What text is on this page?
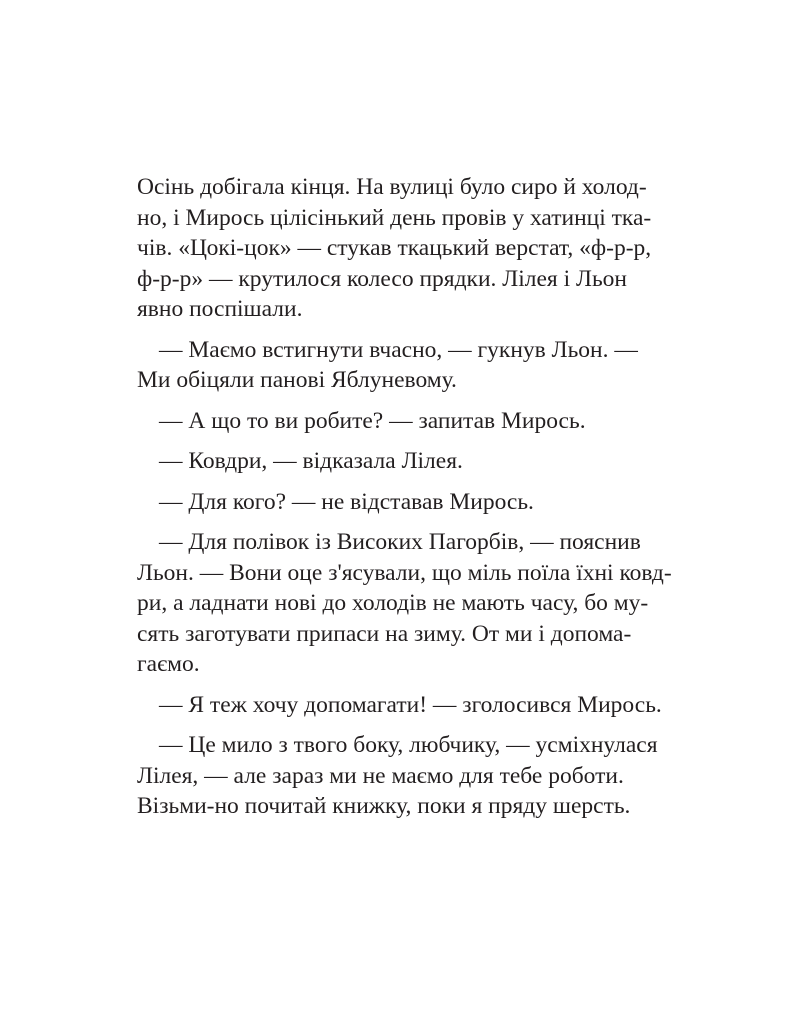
Осінь добігала кінця. На вулиці було сиро й холод-
но, і Мирось цілісінький день провів у хатинці тка-
чів. «Цокі-цок» — стукав ткацький верстат, «ф-р-р,
ф-р-р» — крутилося колесо прядки. Лілея і Льон
явно поспішали.

— Маємо встигнути вчасно, — гукнув Льон. —
Ми обіцяли панові Яблуневому.

— А що то ви робите? — запитав Мирось.

— Ковдри, — відказала Лілея.

— Для кого? — не відставав Мирось.

— Для полівок із Високих Пагорбів, — пояснив
Льон. — Вони оце з'ясували, що міль поїла їхні ковд-
ри, а ладнати нові до холодів не мають часу, бо му-
сять заготувати припаси на зиму. От ми і допома-
гаємо.

— Я теж хочу допомагати! — зголосився Мирось.

— Це мило з твого боку, любчику, — усміхнулася
Лілея, — але зараз ми не маємо для тебе роботи.
Візьми-но почитай книжку, поки я пряду шерсть.
